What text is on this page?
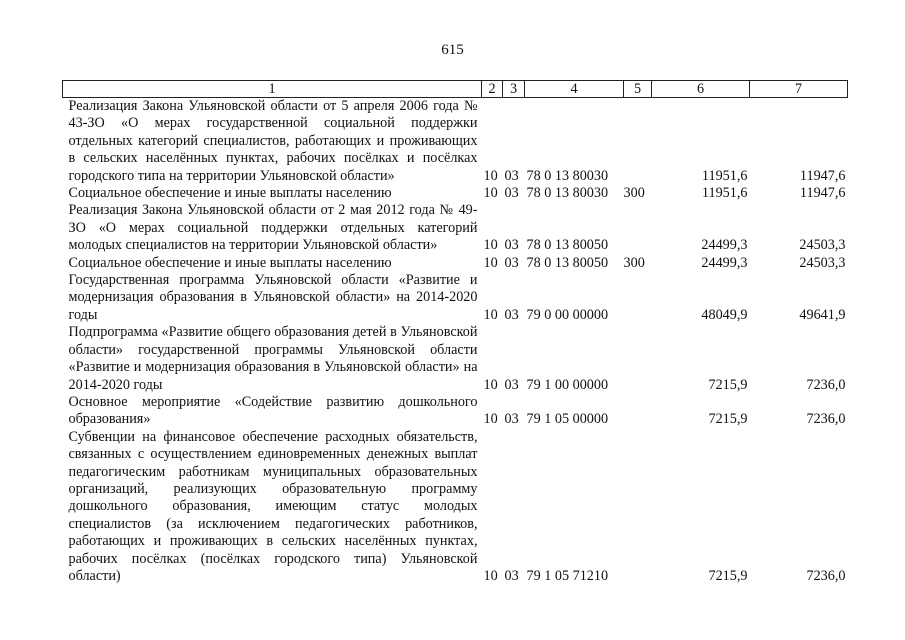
615
1	2	3	4	5	6	7
Реализация Закона Ульяновской области от 5 апреля 2006 года № 43-ЗО «О мерах государственной социальной поддержки отдельных категорий специалистов, работающих и проживающих в сельских населённых пунктах, рабочих посёлках и посёлках городского типа на территории Ульяновской области»	10	03	78 0 13 80030		11951,6	11947,6
Социальное обеспечение и иные выплаты населению	10	03	78 0 13 80030	300	11951,6	11947,6
Реализация Закона Ульяновской области от 2 мая 2012 года № 49-ЗО «О мерах социальной поддержки отдельных категорий молодых специалистов на территории Ульяновской области»	10	03	78 0 13 80050		24499,3	24503,3
Социальное обеспечение и иные выплаты населению	10	03	78 0 13 80050	300	24499,3	24503,3
Государственная программа Ульяновской области «Развитие и модернизация образования в Ульяновской области» на 2014-2020 годы	10	03	79 0 00 00000		48049,9	49641,9
Подпрограмма «Развитие общего образования детей в Ульяновской области» государственной программы Ульяновской области «Развитие и модернизация образования в Ульяновской области» на 2014-2020 годы	10	03	79 1 00 00000		7215,9	7236,0
Основное мероприятие «Содействие развитию дошкольного образования»	10	03	79 1 05 00000		7215,9	7236,0
Субвенции на финансовое обеспечение расходных обязательств, связанных с осуществлением единовременных денежных выплат педагогическим работникам муниципальных образовательных организаций, реализующих образовательную программу дошкольного образования, имеющим статус молодых специалистов (за исключением педагогических работников, работающих и проживающих в сельских населённых пунктах, рабочих посёлках (посёлках городского типа) Ульяновской области)	10	03	79 1 05 71210		7215,9	7236,0
